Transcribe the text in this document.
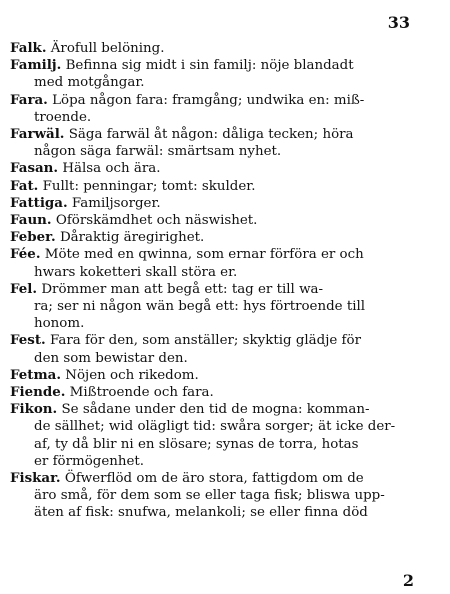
33

Falk. Ärofull belöning.

Familj. Befinna sig midt i sin familj: nöje blandadt
med motgångar.

Fara. Löpa någon fara: framgång; undwika en: miß-
troende.

Farwäl. Säga farwäl åt någon: dåliga tecken; höra
någon säga farwäl: smärtsam nyhet.

Fasan. Hälsa och ära.

Fat. Fullt: penningar; tomt: skulder.

Fattiga. Familjsorger.

Faun. Oförskämdhet och näswishet.

Feber. Dåraktig äregirighet.

Fée. Möte med en qwinna, som ernar förföra er och
hwars koketteri skall störa er.

Fel. Drömmer man att begå ett: tag er till wa-
ra; ser ni någon wän begå ett: hys förtroende till
honom.

Fest. Fara för den, som anställer; skyktig glädje för
den som bewistar den.

Fetma. Nöjen och rikedom.

Fiende. Mißtroende och fara.

Fikon. Se sådane under den tid de mogna: komman-
de sällhet; wid olägligt tid: swåra sorger; ät icke der-
af, ty då blir ni en slösare; synas de torra, hotas
er förmögenhet.

Fiskar. Öfwerflöd om de äro stora, fattigdom om de
äro små, för dem som se eller taga fisk; bliswa upp-
äten af fisk: snufwa, melankoli; se eller finna död

2
